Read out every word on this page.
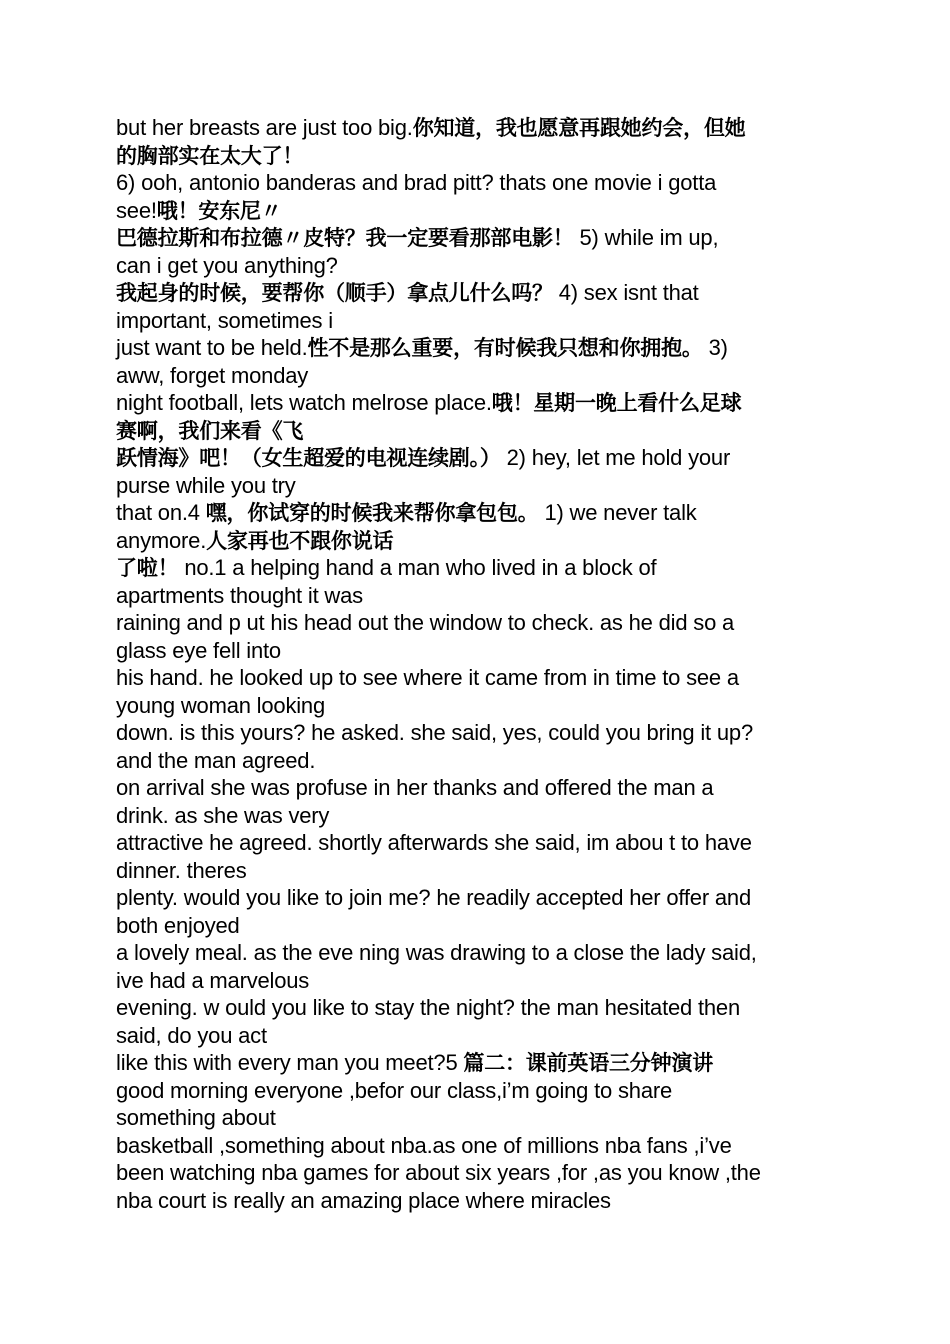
but her breasts are just too big.你知道，我也愿意再跟她约会，但她
的胸部实在太大了！
6) ooh, antonio banderas and brad pitt? thats one movie i gotta
see!哦！安东尼〃
巴德拉斯和布拉德〃皮特？我一定要看那部电影！ 5) while im up,
can i get you anything?
我起身的时候，要帮你（顺手）拿点儿什么吗？ 4) sex isnt that
important, sometimes i
just want to be held.性不是那么重要，有时候我只想和你拥抱。 3)
aww, forget monday
night football, lets watch melrose place.哦！星期一晚上看什么足球
赛啊，我们来看《飞
跃情海》吧！（女生超爱的电视连续剧。） 2) hey, let me hold your
purse while you try
that on.4 嘿，你试穿的时候我来帮你拿包包。 1) we never talk
anymore.人家再也不跟你说话
了啦！ no.1 a helping hand a man who lived in a block of
apartments thought it was
raining and p ut his head out the window to check. as he did so a
glass eye fell into
his hand. he looked up to see where it came from in time to see a
young woman looking
down. is this yours? he asked. she said, yes, could you bring it up?
and the man agreed.
on arrival she was profuse in her thanks and offered the man a
drink. as she was very
attractive he agreed. shortly afterwards she said, im abou t to have
dinner. theres
plenty. would you like to join me? he readily accepted her offer and
both enjoyed
a lovely meal. as the eve ning was drawing to a close the lady said,
ive had a marvelous
evening. w ould you like to stay the night? the man hesitated then
said, do you act
like this with every man you meet?5 篇二：课前英语三分钟演讲
good morning everyone ,befor our class,i’m going to share
something about
basketball ,something about nba.as one of millions nba fans ,i’ve
been watching nba games for about six years ,for ,as you know ,the
nba court is really an amazing place where miracles
